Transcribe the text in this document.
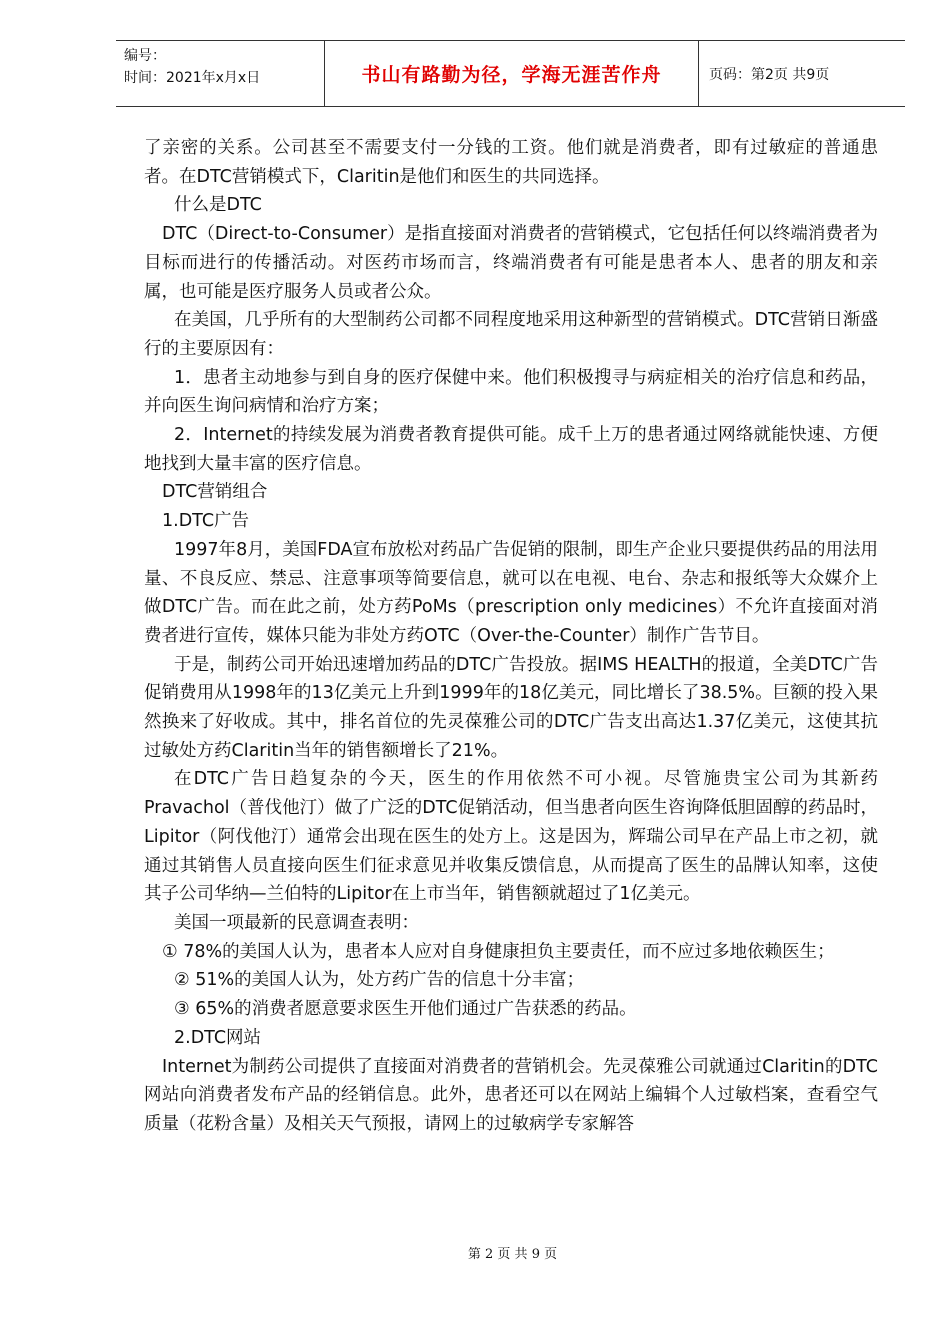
编号：
时间：2021年x月x日	书山有路勤为径，学海无涯苦作舟	页码：第2页 共9页

了亲密的关系。公司甚至不需要支付一分钱的工资。他们就是消费者，即有过敏症的普通患者。在DTC营销模式下，Claritin是他们和医生的共同选择。

什么是DTC

DTC（Direct-to-Consumer）是指直接面对消费者的营销模式，它包括任何以终端消费者为目标而进行的传播活动。对医药市场而言，终端消费者有可能是患者本人、患者的朋友和亲属，也可能是医疗服务人员或者公众。

在美国，几乎所有的大型制药公司都不同程度地采用这种新型的营销模式。DTC营销日渐盛行的主要原因有：

1．患者主动地参与到自身的医疗保健中来。他们积极搜寻与病症相关的治疗信息和药品，并向医生询问病情和治疗方案；

2．Internet的持续发展为消费者教育提供可能。成千上万的患者通过网络就能快速、方便地找到大量丰富的医疗信息。

DTC营销组合

1.DTC广告

1997年8月，美国FDA宣布放松对药品广告促销的限制，即生产企业只要提供药品的用法用量、不良反应、禁忌、注意事项等简要信息，就可以在电视、电台、杂志和报纸等大众媒介上做DTC广告。而在此之前，处方药PoMs（prescription only medicines）不允许直接面对消费者进行宣传，媒体只能为非处方药OTC（Over-the-Counter）制作广告节目。

于是，制药公司开始迅速增加药品的DTC广告投放。据IMS HEALTH的报道，全美DTC广告促销费用从1998年的13亿美元上升到1999年的18亿美元，同比增长了38.5%。巨额的投入果然换来了好收成。其中，排名首位的先灵葆雅公司的DTC广告支出高达1.37亿美元，这使其抗过敏处方药Claritin当年的销售额增长了21%。

在DTC广告日趋复杂的今天，医生的作用依然不可小视。尽管施贵宝公司为其新药Pravachol（普伐他汀）做了广泛的DTC促销活动，但当患者向医生咨询降低胆固醇的药品时，Lipitor（阿伐他汀）通常会出现在医生的处方上。这是因为，辉瑞公司早在产品上市之初，就通过其销售人员直接向医生们征求意见并收集反馈信息，从而提高了医生的品牌认知率，这使其子公司华纳—兰伯特的Lipitor在上市当年，销售额就超过了1亿美元。

美国一项最新的民意调查表明：

① 78%的美国人认为，患者本人应对自身健康担负主要责任，而不应过多地依赖医生；

② 51%的美国人认为，处方药广告的信息十分丰富；

③ 65%的消费者愿意要求医生开他们通过广告获悉的药品。

2.DTC网站

Internet为制药公司提供了直接面对消费者的营销机会。先灵葆雅公司就通过Claritin的DTC网站向消费者发布产品的经销信息。此外，患者还可以在网站上编辑个人过敏档案，查看空气质量（花粉含量）及相关天气预报，请网上的过敏病学专家解答

第 2 页 共 9 页
